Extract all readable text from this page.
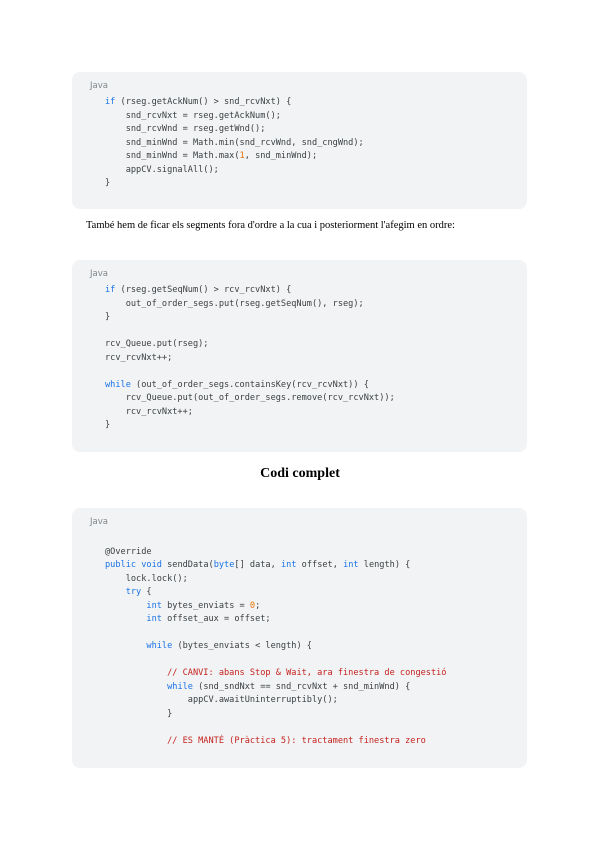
Java
if (rseg.getAckNum() > snd_rcvNxt) {
snd_rcvNxt = rseg.getAckNum();
snd_rcvWnd = rseg.getWnd();
snd_minWnd = Math.min(snd_rcvWnd, snd_cngWnd);
snd_minWnd = Math.max(1, snd_minWnd);
appCV.signalAll();
}
També hem de ficar els segments fora d'ordre a la cua i posteriorment l'afegim en ordre:
Java
if (rseg.getSeqNum() > rcv_rcvNxt) {
out_of_order_segs.put(rseg.getSeqNum(), rseg);
}
rcv_Queue.put(rseg);
rcv_rcvNxt++;
while (out_of_order_segs.containsKey(rcv_rcvNxt)) {
rcv_Queue.put(out_of_order_segs.remove(rcv_rcvNxt));
rcv_rcvNxt++;
}
Codi complet
Java
@Override
public void sendData(byte[] data, int offset, int length) {
lock.lock();
try {
int bytes_enviats = 0;
int offset_aux = offset;
while (bytes_enviats < length) {
// CANVI: abans Stop & Wait, ara finestra de congestió
while (snd_sndNxt == snd_rcvNxt + snd_minWnd) {
appCV.awaitUninterruptibly();
}
// ES MANTÉ (Pràctica 5): tractament finestra zero
